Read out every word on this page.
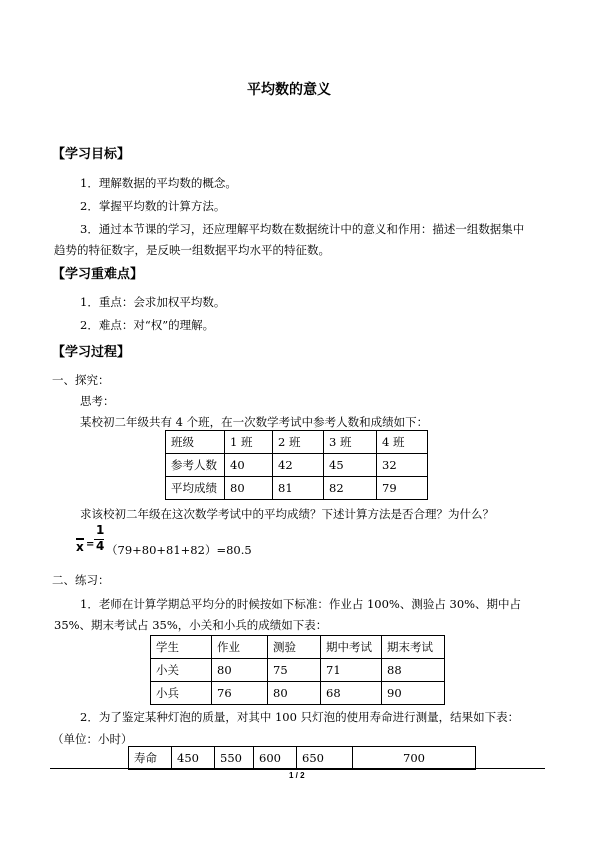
平均数的意义
【学习目标】
1．理解数据的平均数的概念。
2．掌握平均数的计算方法。
3．通过本节课的学习，还应理解平均数在数据统计中的意义和作用：描述一组数据集中
趋势的特征数字，是反映一组数据平均水平的特征数。
【学习重难点】
1．重点：会求加权平均数。
2．难点：对“权”的理解。
【学习过程】
一、探究：
思考：
某校初二年级共有 4 个班，在一次数学考试中参考人数和成绩如下：
班级	1 班	2 班	3 班	4 班
参考人数	40	42	45	32
平均成绩	80	81	82	79
求该校初二年级在这次数学考试中的平均成绩？下述计算方法是否合理？为什么？
x =
1
4 （79+80+81+82）=80.5
二、练习：
1．老师在计算学期总平均分的时候按如下标准：作业占 100%、测验占 30%、期中占
35%、期末考试占 35%，小关和小兵的成绩如下表：
学生	作业	测验	期中考试	期末考试
小关	80	75	71	88
小兵	76	80	68	90
2．为了鉴定某种灯泡的质量，对其中 100 只灯泡的使用寿命进行测量，结果如下表：
（单位：小时）
寿命	450	550	600	650	700
1 / 2
